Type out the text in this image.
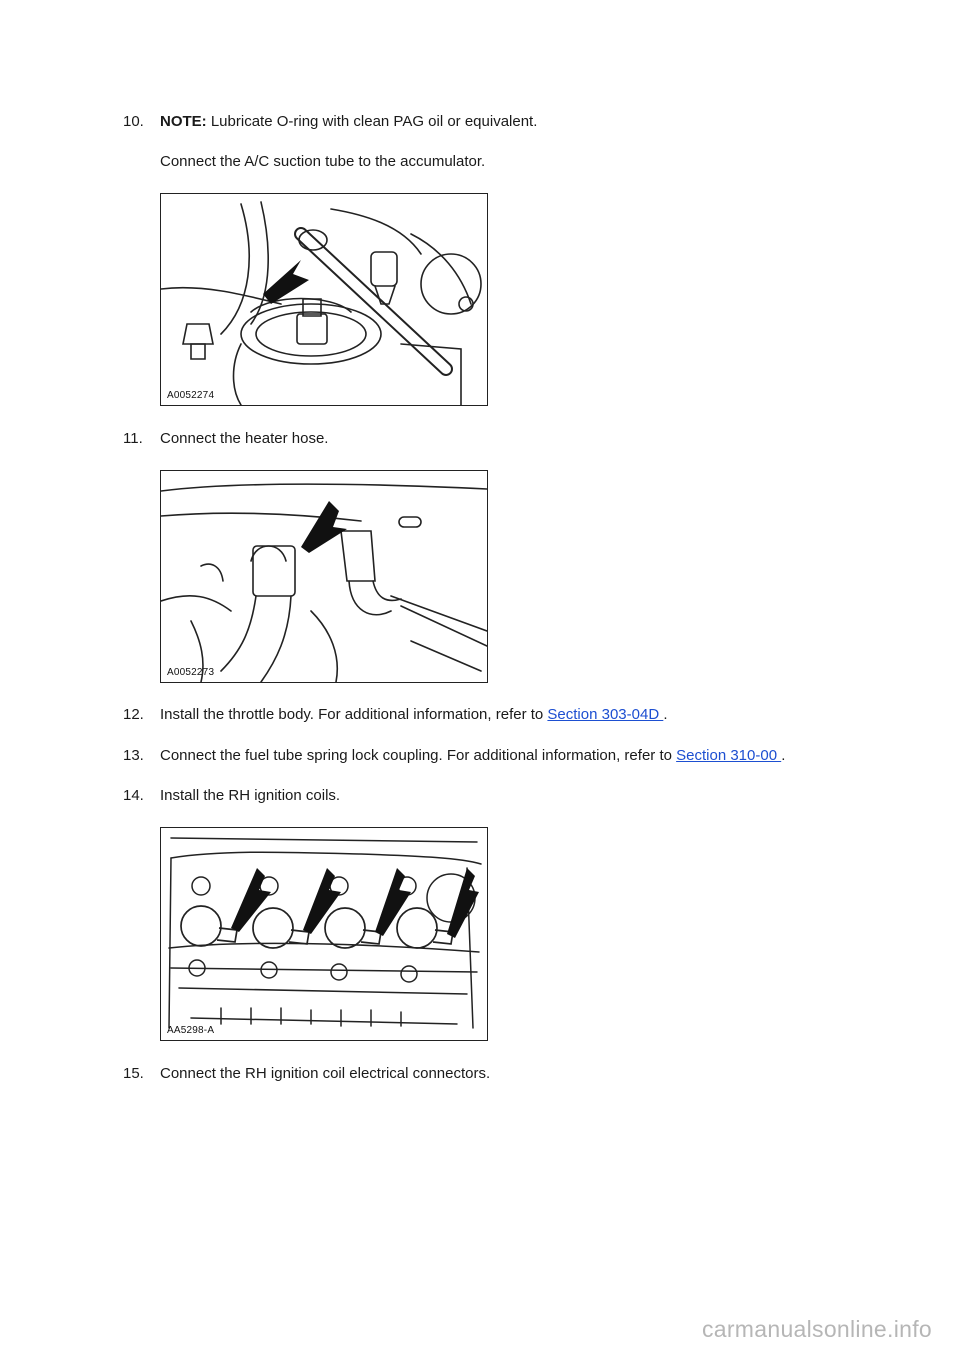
10.	NOTE: Lubricate O-ring with clean PAG oil or equivalent.
Connect the A/C suction tube to the accumulator.
A0052274
11.	Connect the heater hose.
A0052273
12.	Install the throttle body. For additional information, refer to Section 303-04D .
13.	Connect the fuel tube spring lock coupling. For additional information, refer to Section 310-00 .
14.	Install the RH ignition coils.
AA5298-A
15.	Connect the RH ignition coil electrical connectors.
carmanualsonline.info
